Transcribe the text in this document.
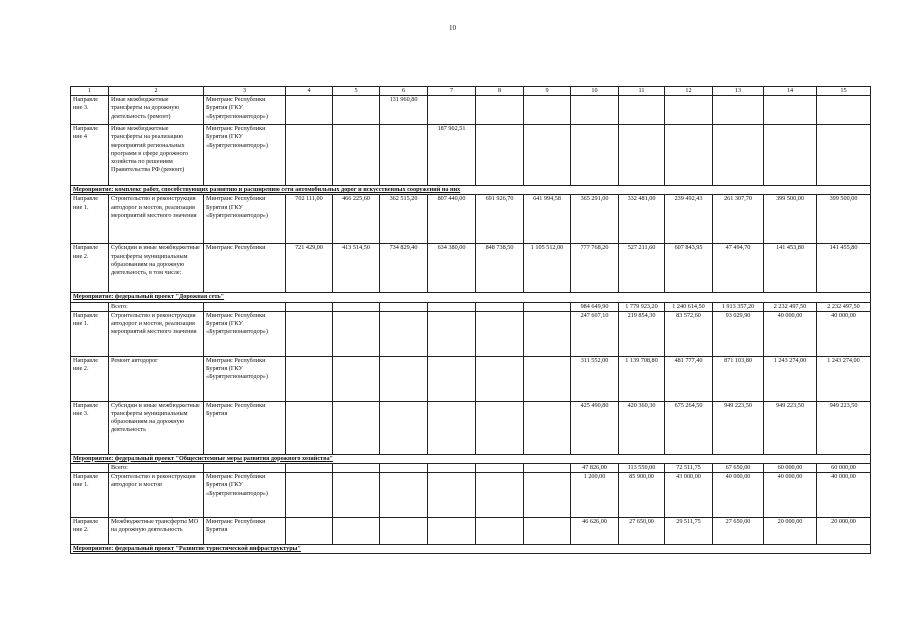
10
1	2	3	4	5	6	7	8	9	10	11	12	13	14	15
Направле ние 3.	Иные межбюджетные трансферты на дорожную деятельность (ремонт)	Минтранс Республики Бурятия (ГКУ «Бурятрегионавтодор»)			131 960,80									
Направле ние 4	Иные межбюджетные трансферты на реализацию мероприятий региональных программ в сфере дорожного хозяйства по решениям Правительства РФ (ремонт)	Минтранс Республики Бурятия (ГКУ «Бурятрегионавтодор»)				187 902,51								
Мероприятие: комплекс работ, способствующих развитию и расширению сети автомобильных дорог и искусственных сооружений на них														
Направле ние 1.	Строительство и реконструкция автодорог и мостов, реализация мероприятий местного значения	Минтранс Республики Бурятия (ГКУ «Бурятрегионавтодор»)	702 111,00	466 225,60	362 515,20	807 440,00	691 926,70	641 994,58	365 291,00	332 481,00	239 492,43	261 307,70	399 500,00	399 500,00
Направле ние 2.	Субсидии и иные межбюджетные трансферты муниципальным образованиям на дорожную деятельность, в том числе:	Минтранс Республики	721 429,00	413 514,50	734 829,40	634 380,00	848 738,50	1 105 512,00	777 768,20	527 211,60	607 843,95	47 494,70	141 453,80	141 455,80
Мероприятие: федеральный проект "Дорожная сеть"														
	Всего:								984 649,90	1 779 923,20	1 240 614,50	1 913 357,20	2 232 497,50	2 232 497,50
Направле ние 1.	Строительство и реконструкция автодорог и мостов, реализация мероприятий местного значения	Минтранс Республики Бурятия (ГКУ «Бурятрегионавтодор»)							247 607,10	219 854,30	83 572,60	93 029,90	40 000,00	40 000,00
Направле ние 2.	Ремонт автодорог	Минтранс Республики Бурятия (ГКУ «Бурятрегионавтодор»)							311 552,00	1 139 708,80	481 777,40	871 103,80	1 243 274,00	1 243 274,00
Направле ние 3.	Субсидии и иные межбюджетные трансферты муниципальным образованиям на дорожную деятельность	Минтранс Республики Бурятия							425 490,80	420 360,30	675 264,50	949 223,50	949 223,50	949 223,50
Мероприятие: федеральный проект "Общесистемные меры развития дорожного хозяйства"														
	Всего:								47 826,00	113 550,00	72 511,75	67 650,00	60 000,00	60 000,00
Направле ние 1.	Строительство и реконструкция автодорог и мостов	Минтранс Республики Бурятия (ГКУ «Бурятрегионавтодор»)							1 200,00	85 900,00	43 000,00	40 000,00	40 000,00	40 000,00
Направле ние 2.	Межбюджетные трансферты МО на дорожную деятельность	Минтранс Республики Бурятия							46 626,00	27 650,00	29 511,75	27 650,00	20 000,00	20 000,00
Мероприятие: федеральный проект "Развитие туристической инфраструктуры"														
